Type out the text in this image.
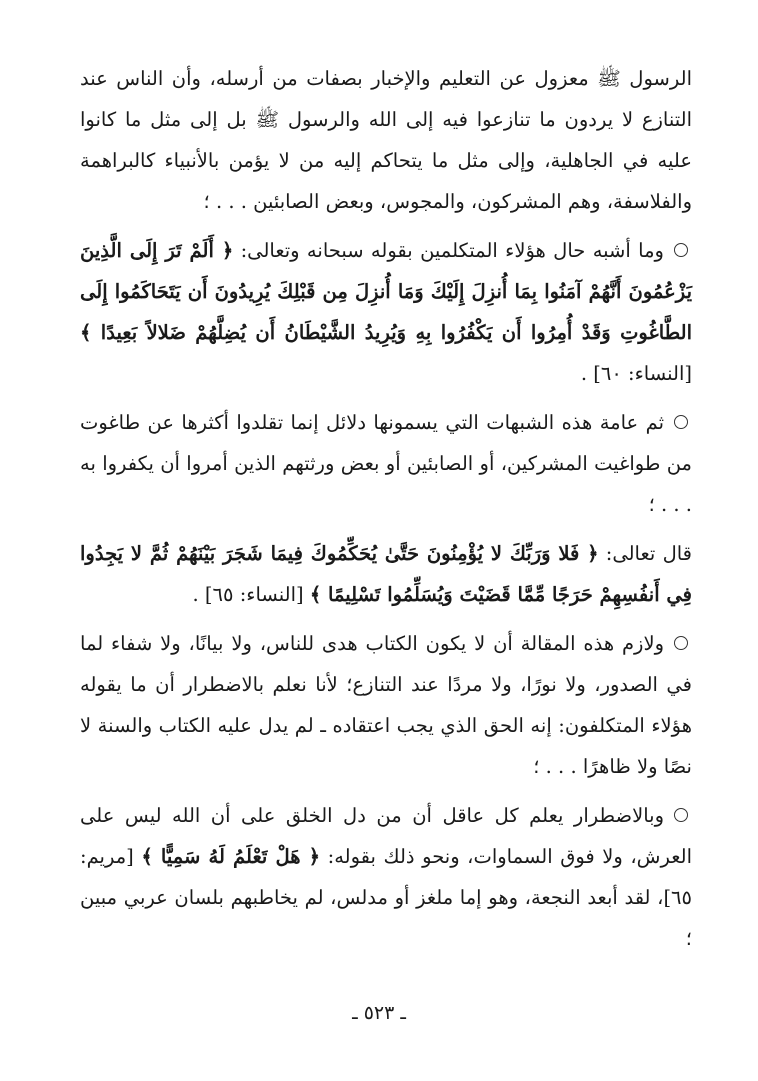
الرسول ﷺ معزول عن التعليم والإخبار بصفات من أرسله، وأن الناس عند التنازع لا يردون ما تنازعوا فيه إلى الله والرسول ﷺ بل إلى مثل ما كانوا عليه في الجاهلية، وإلى مثل ما يتحاكم إليه من لا يؤمن بالأنبياء كالبراهمة والفلاسفة، وهم المشركون، والمجوس، وبعض الصابئين . . . ؛

وما أشبه حال هؤلاء المتكلمين بقوله سبحانه وتعالى: ﴿ أَلَمْ تَرَ إِلَى الَّذِينَ يَزْعُمُونَ أَنَّهُمْ آمَنُوا بِمَا أُنزِلَ إِلَيْكَ وَمَا أُنزِلَ مِن قَبْلِكَ يُرِيدُونَ أَن يَتَحَاكَمُوا إِلَى الطَّاغُوتِ وَقَدْ أُمِرُوا أَن يَكْفُرُوا بِهِ وَيُرِيدُ الشَّيْطَانُ أَن يُضِلَّهُمْ ضَلالاً بَعِيدًا ﴾ [النساء: ٦٠] .

ثم عامة هذه الشبهات التي يسمونها دلائل إنما تقلدوا أكثرها عن طاغوت من طواغيت المشركين، أو الصابئين أو بعض ورثتهم الذين أمروا أن يكفروا به . . . ؛

قال تعالى: ﴿ فَلا وَرَبِّكَ لا يُؤْمِنُونَ حَتَّىٰ يُحَكِّمُوكَ فِيمَا شَجَرَ بَيْنَهُمْ ثُمَّ لا يَجِدُوا فِي أَنفُسِهِمْ حَرَجًا مِّمَّا قَضَيْتَ وَيُسَلِّمُوا تَسْلِيمًا ﴾ [النساء: ٦٥] .

ولازم هذه المقالة أن لا يكون الكتاب هدى للناس، ولا بيانًا، ولا شفاء لما في الصدور، ولا نورًا، ولا مردًا عند التنازع؛ لأنا نعلم بالاضطرار أن ما يقوله هؤلاء المتكلفون: إنه الحق الذي يجب اعتقاده ـ لم يدل عليه الكتاب والسنة لا نصًا ولا ظاهرًا . . . ؛

وبالاضطرار يعلم كل عاقل أن من دل الخلق على أن الله ليس على العرش، ولا فوق السماوات، ونحو ذلك بقوله: ﴿ هَلْ تَعْلَمُ لَهُ سَمِيًّا ﴾ [مريم: ٦٥]، لقد أبعد النجعة، وهو إما ملغز أو مدلس، لم يخاطبهم بلسان عربي مبين ؛

ـ ٥٢٣ ـ
